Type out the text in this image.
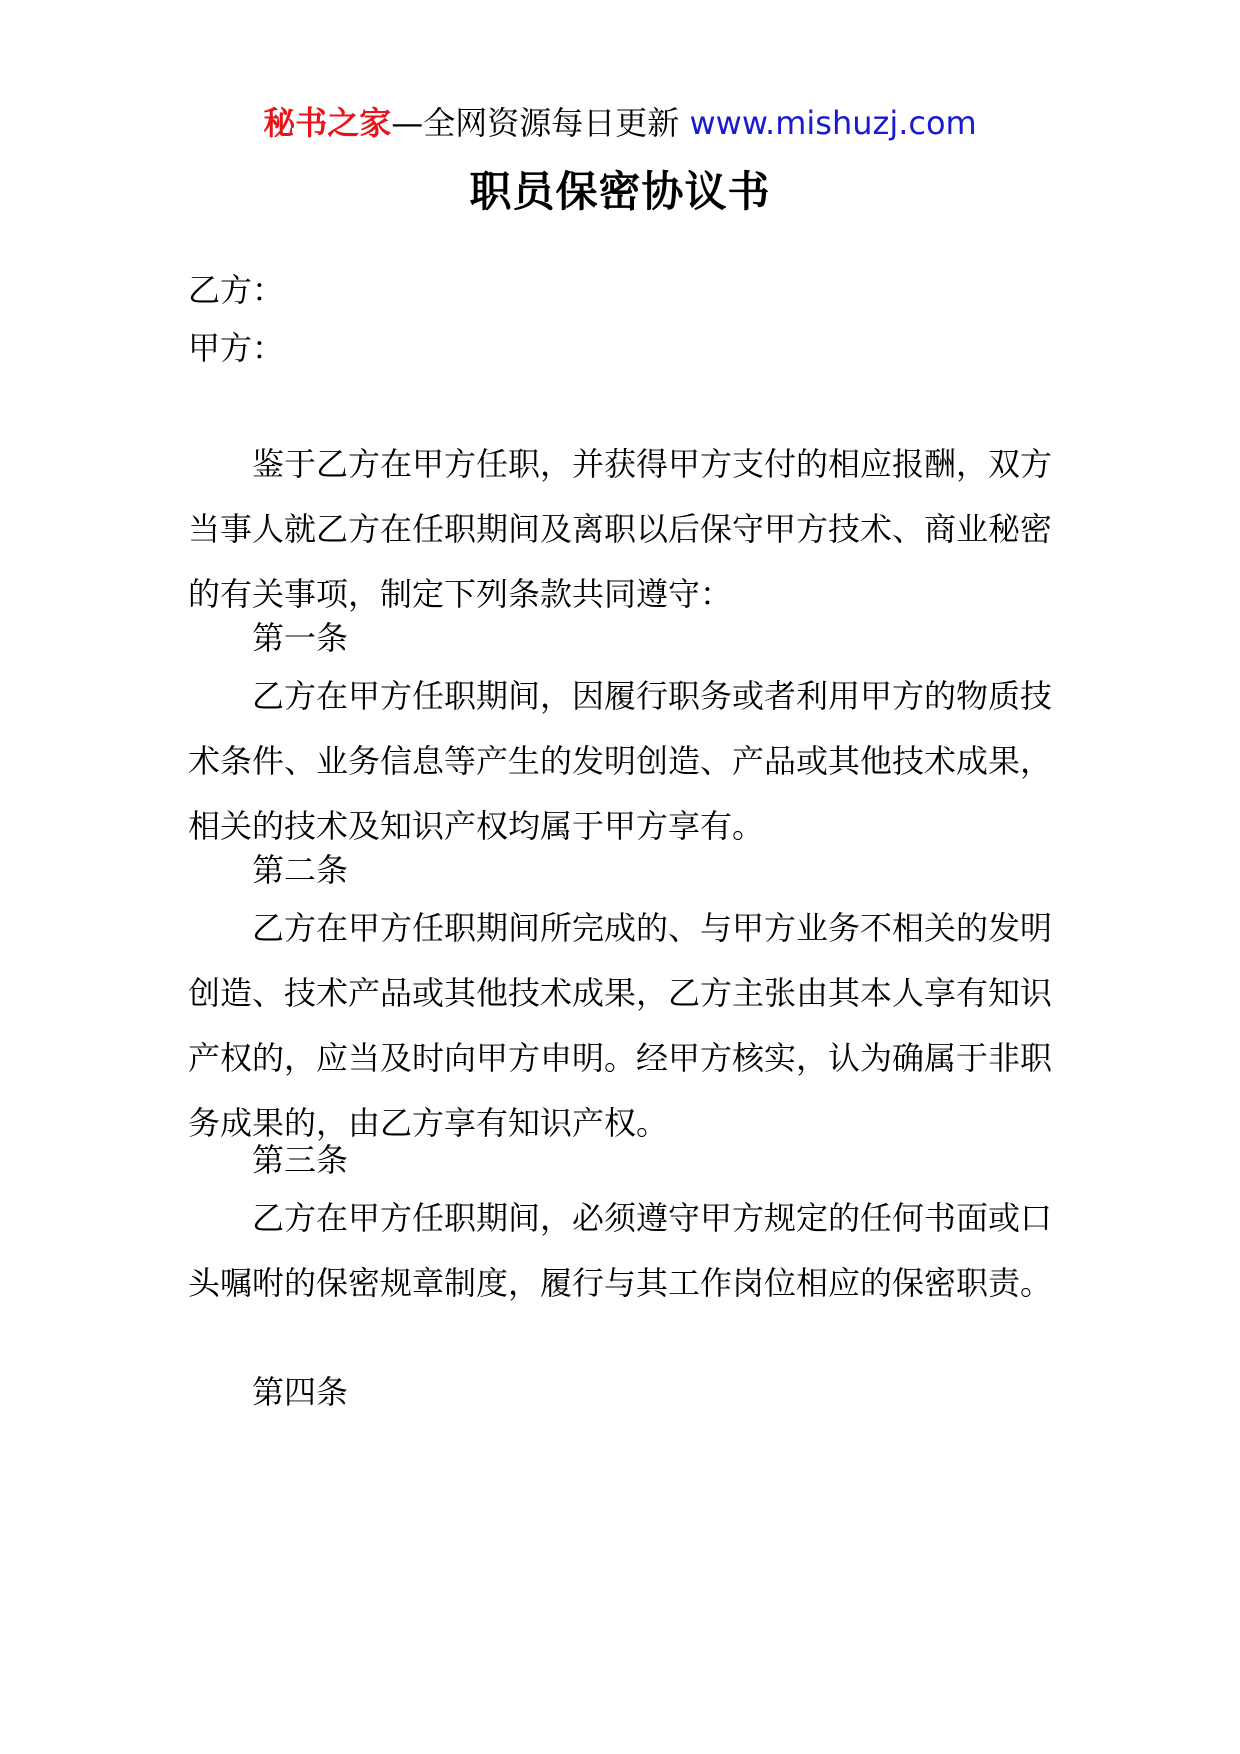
秘书之家—全网资源每日更新 www.mishuzj.com
职员保密协议书
乙方：
甲方：

鉴于乙方在甲方任职，并获得甲方支付的相应报酬，双方当事人就乙方在任职期间及离职以后保守甲方技术、商业秘密的有关事项，制定下列条款共同遵守：

第一条

乙方在甲方任职期间，因履行职务或者利用甲方的物质技术条件、业务信息等产生的发明创造、产品或其他技术成果，相关的技术及知识产权均属于甲方享有。

第二条

乙方在甲方任职期间所完成的、与甲方业务不相关的发明创造、技术产品或其他技术成果，乙方主张由其本人享有知识产权的，应当及时向甲方申明。经甲方核实，认为确属于非职务成果的，由乙方享有知识产权。

第三条

乙方在甲方任职期间，必须遵守甲方规定的任何书面或口头嘱咐的保密规章制度，履行与其工作岗位相应的保密职责。

第四条
